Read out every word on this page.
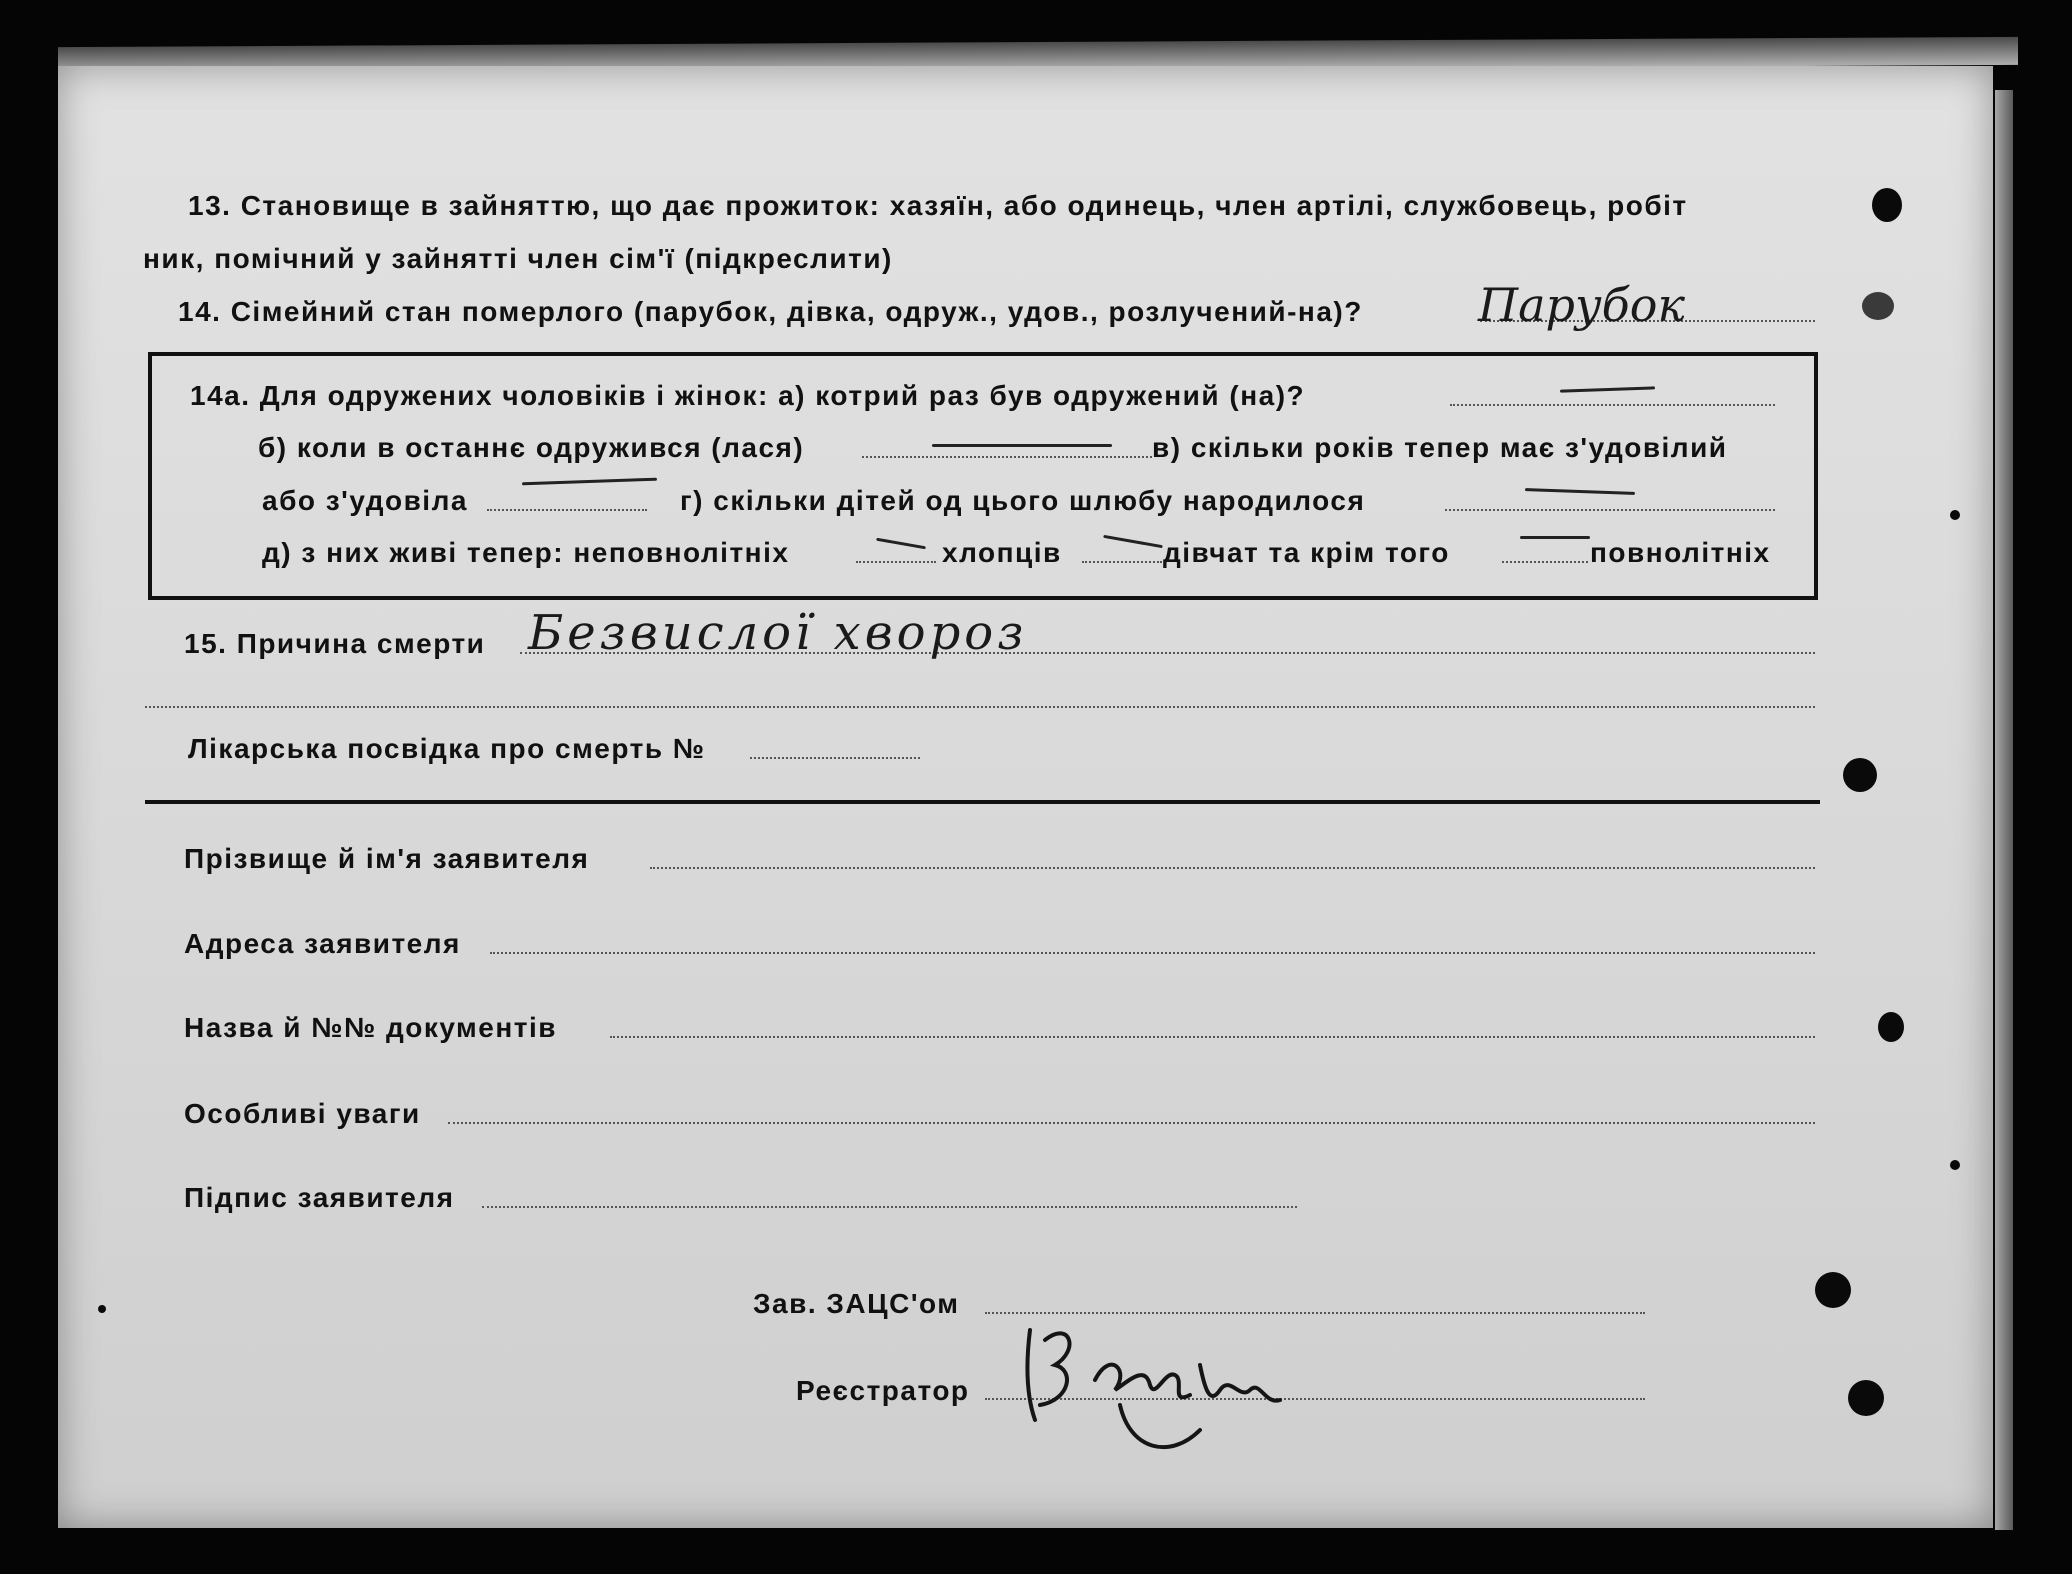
13. Становище в зайняттю, що дає прожиток: хазяїн, або одинець, член артілі, службовець, робіт
ник, помічний у зайнятті член сім'ї (підкреслити)
14. Сімейний стан померлого (парубок, дівка, одруж., удов., розлучений-на)?	Парубок
14а. Для одружених чоловіків і жінок: а) котрий раз був одружений (на)?
б) коли в останнє одружився (лася)	в) скільки років тепер має з'удовілий
або з'удовіла	г) скільки дітей од цього шлюбу народилося
д) з них живі тепер: неповнолітніх	хлопців	дівчат та крім того	повнолітніх
15. Причина смерти Безвислої хвороз
Лікарська посвідка про смерть №
Прізвище й ім'я заявителя
Адреса заявителя
Назва й №№ документів
Особливі уваги
Підпис заявителя
Зав. ЗАЦС'ом
Реєстратор
